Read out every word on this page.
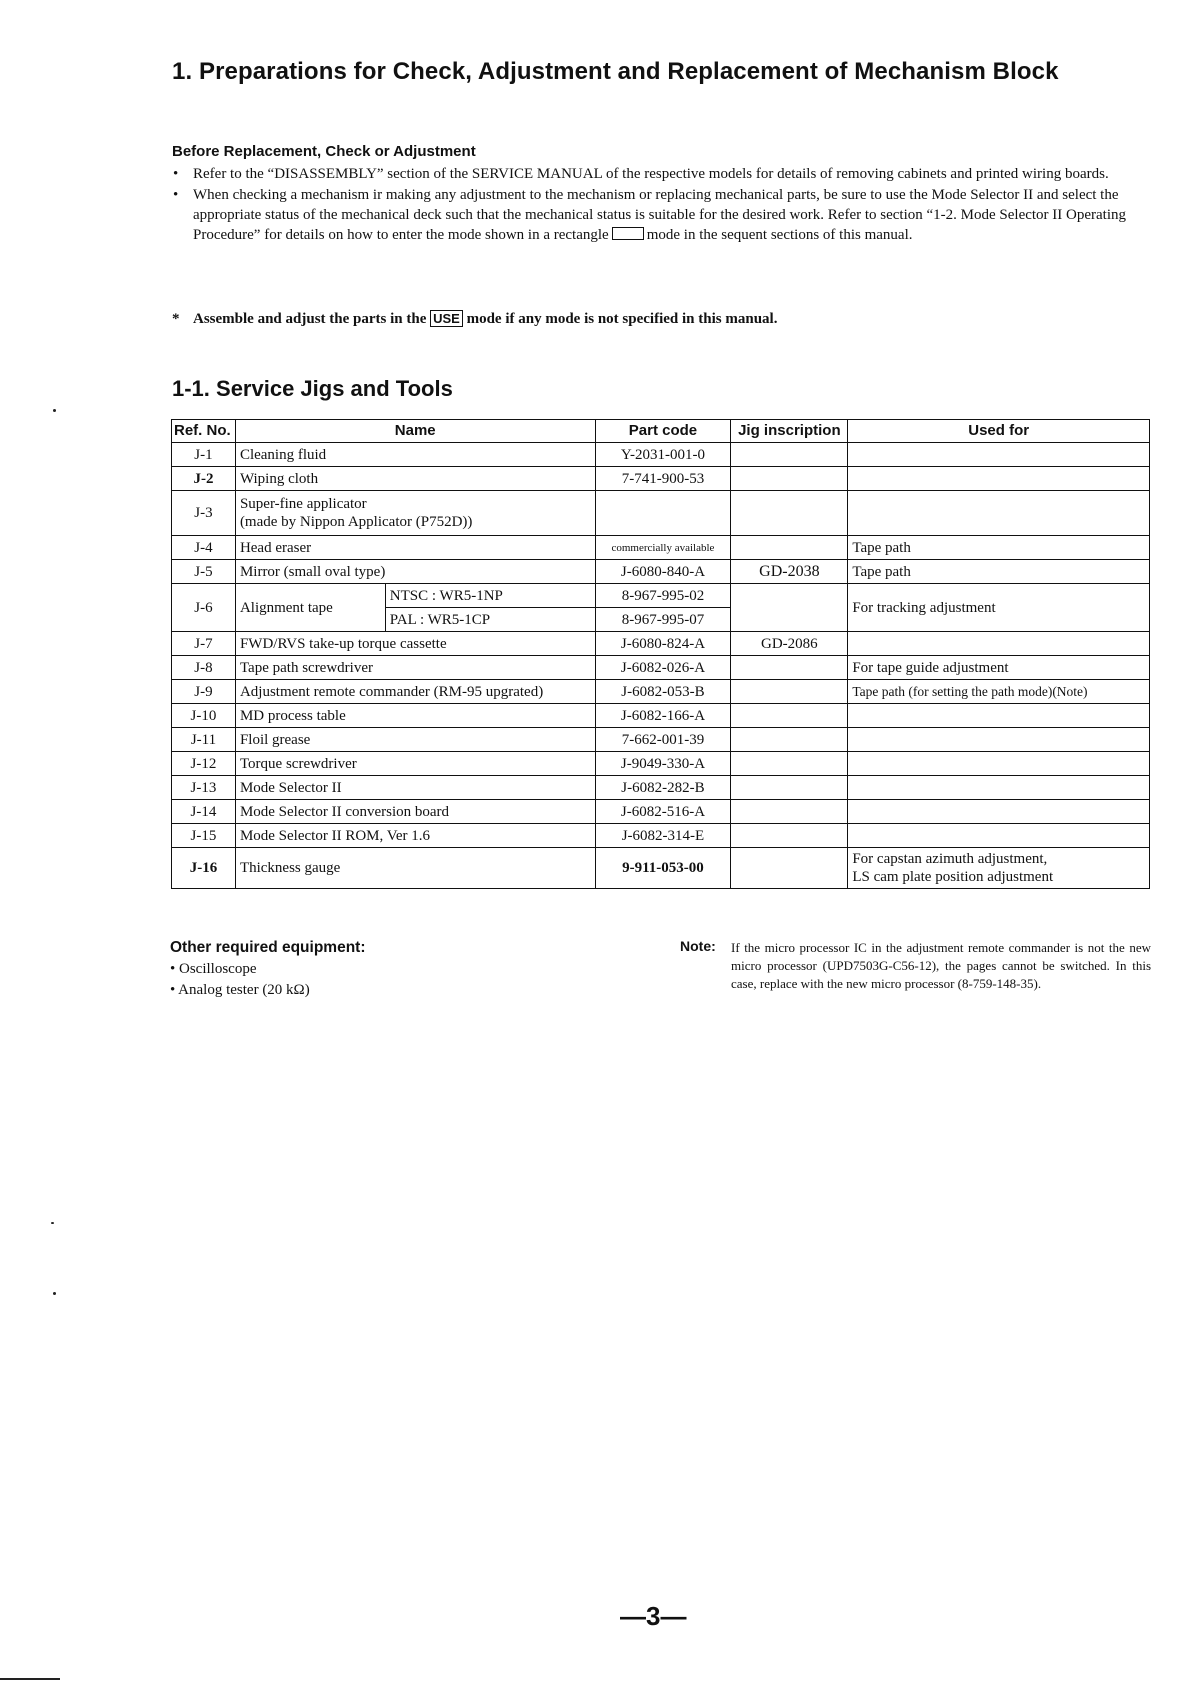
1. Preparations for Check, Adjustment and Replacement of Mechanism Block
Before Replacement, Check or Adjustment
• Refer to the “DISASSEMBLY” section of the SERVICE MANUAL of the respective models for details of removing cabinets and printed wiring boards.
• When checking a mechanism ir making any adjustment to the mechanism or replacing mechanical parts, be sure to use the Mode Selector II and select the appropriate status of the mechanical deck such that the mechanical status is suitable for the desired work. Refer to section “1-2. Mode Selector II Operating Procedure” for details on how to enter the mode shown in a rectangle	mode in the sequent sections of this manual.
* Assemble and adjust the parts in the USE mode if any mode is not specified in this manual.
1-1. Service Jigs and Tools
Ref. No.	Name		Part code	Jig inscription	Used for
J-1	Cleaning fluid		Y-2031-001-0		
J-2	Wiping cloth		7-741-900-53		
J-3	Super-fine applicator
(made by Nippon Applicator (P752D))				

J-4	Head eraser		commercially available		Tape path
J-5	Mirror (small oval type)		J-6080-840-A	GD-2038	Tape path
J-6	Alignment tape	NTSC : WR5-1NP	8-967-995-02		For tracking adjustment
		PAL : WR5-1CP	8-967-995-07		
J-7	FWD/RVS take-up torque cassette		J-6080-824-A	GD-2086	
J-8	Tape path screwdriver		J-6082-026-A		For tape guide adjustment
J-9	Adjustment remote commander (RM-95 upgrated)		J-6082-053-B		Tape path (for setting the path mode)(Note)
J-10	MD process table		J-6082-166-A		
J-11	Floil grease		7-662-001-39		
J-12	Torque screwdriver		J-9049-330-A		
J-13	Mode Selector II		J-6082-282-B		
J-14	Mode Selector II conversion board		J-6082-516-A		
J-15	Mode Selector II ROM, Ver 1.6		J-6082-314-E		
J-16	Thickness gauge		9-911-053-00		For capstan azimuth adjustment,
LS cam plate position adjustment
Other required equipment:
• Oscilloscope
• Analog tester (20 kΩ)
Note: If the micro processor IC in the adjustment remote commander is not the new micro processor (UPD7503G-C56-12), the pages cannot be switched. In this case, replace with the new micro processor (8-759-148-35).
—3—
